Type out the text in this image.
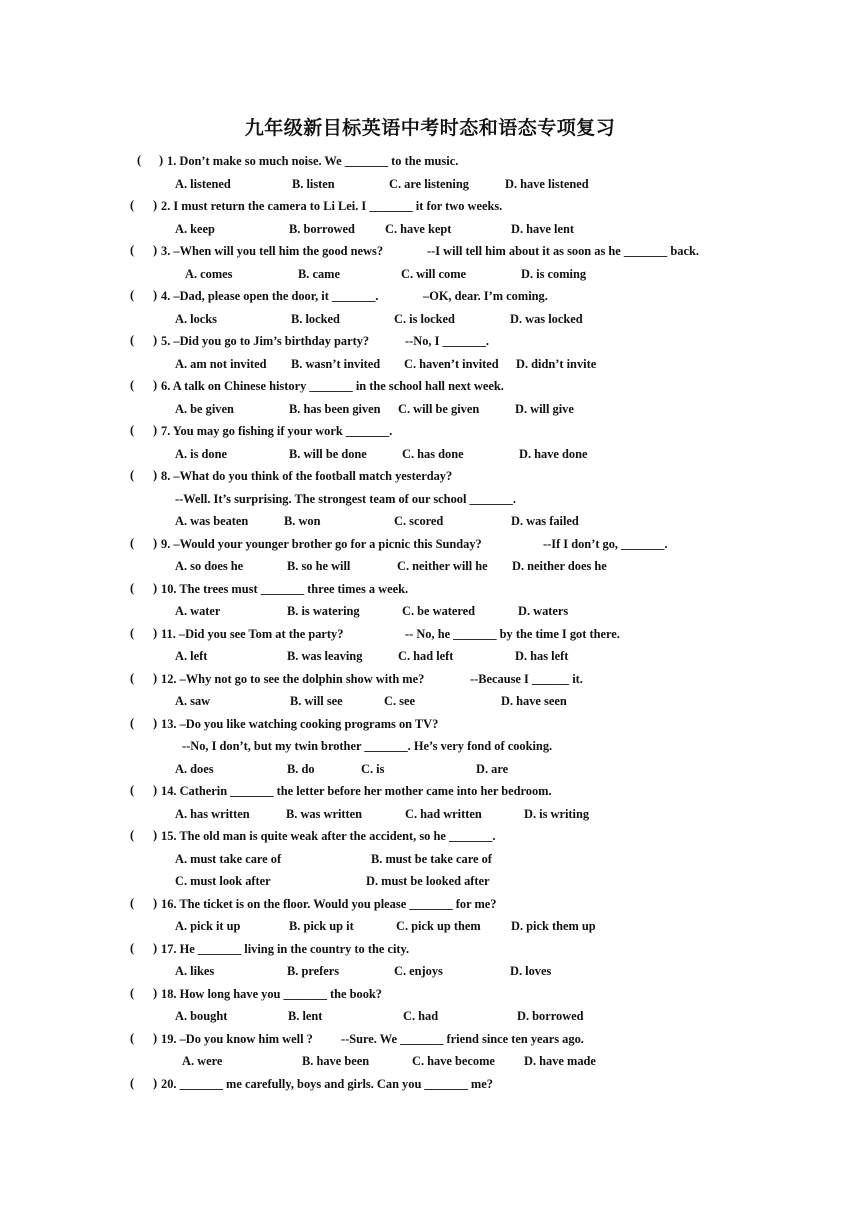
九年级新目标英语中考时态和语态专项复习
( ) 1. Don’t make so much noise. We _______ to the music.
A. listened	B. listen	C. are listening	D. have listened
( ) 2. I must return the camera to Li Lei. I _______ it for two weeks.
A. keep	B. borrowed C. have kept	D. have lent
( ) 3. –When will you tell him the good news?	--I will tell him about it as soon as he _______ back.
A. comes	B. came	C. will come	D. is coming
( ) 4. –Dad, please open the door, it _______.	–OK, dear. I’m coming.
A. locks	B. locked	C. is locked	D. was locked
( ) 5. –Did you go to Jim’s birthday party?	--No, I _______.
A. am not invited B. wasn’t invited C. haven’t invited D. didn’t invite
( ) 6. A talk on Chinese history _______ in the school hall next week.
A. be given	B. has been given C. will be given	D. will give
( ) 7. You may go fishing if your work _______.
A. is done	B. will be done	C. has done	D. have done
( ) 8. –What do you think of the football match yesterday?
--Well. It’s surprising. The strongest team of our school _______.
A. was beaten	B. won	C. scored	D. was failed
( ) 9. –Would your younger brother go for a picnic this Sunday?	--If I don’t go, _______.
A. so does he	B. so he will	C. neither will he D. neither does he
( ) 10. The trees must _______ three times a week.
A. water	B. is watering	C. be watered	D. waters
( ) 11. –Did you see Tom at the party?	-- No, he _______ by the time I got there.
A. left	B. was leaving	C. had left	D. has left
( ) 12. –Why not go to see the dolphin show with me?	--Because I ______ it.
A. saw	B. will see	C. see	D. have seen
( ) 13. –Do you like watching cooking programs on TV?
--No, I don’t, but my twin brother _______. He’s very fond of cooking.
A. does	B. do	C. is	D. are
( ) 14. Catherin _______ the letter before her mother came into her bedroom.
A. has written	B. was written	C. had written	D. is writing
( ) 15. The old man is quite weak after the accident, so he _______.
A. must take care of	B. must be take care of
C. must look after	D. must be looked after
( ) 16. The ticket is on the floor. Would you please _______ for me?
A. pick it up	B. pick up it	C. pick up them D. pick them up
( ) 17. He _______ living in the country to the city.
A. likes	B. prefers	C. enjoys	D. loves
( ) 18. How long have you _______ the book?
A. bought	B. lent	C. had	D. borrowed
( ) 19. –Do you know him well ? --Sure. We _______ friend since ten years ago.
A. were	B. have been	C. have become D. have made
( ) 20. _______ me carefully, boys and girls. Can you _______ me?
